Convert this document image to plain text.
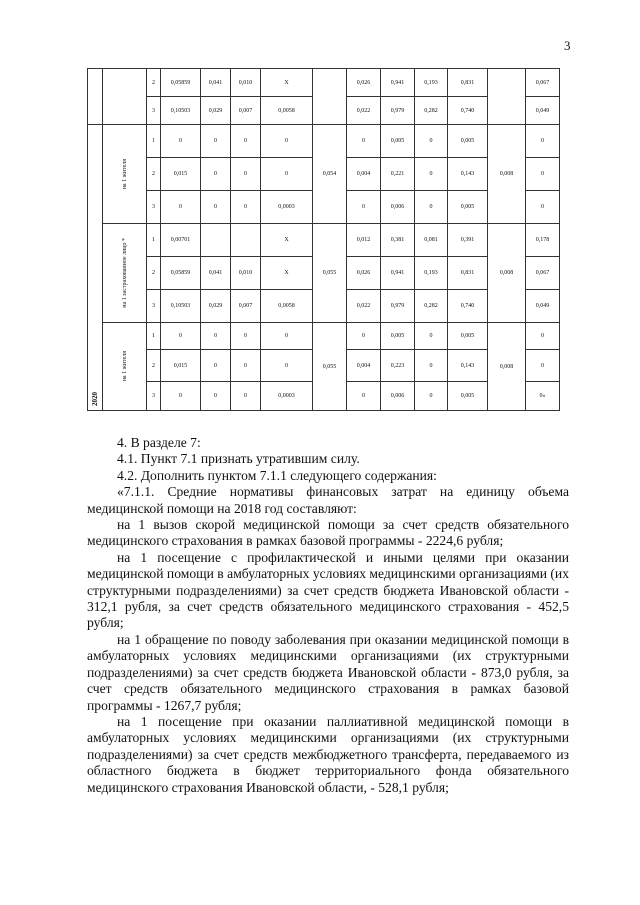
3
		2	0,05859	0,041	0,010	X		0,026	0,941	0,193	0,831		0,067
		3	0,10503	0,029	0,007	0,0058		0,022	0,979	0,282	0,740		0,049

2020	на 1 жителя	1	0	0	0	0	0,054	0	0,005	0	0,005	0,008	0
		2	0,015	0	0	0		0,004	0,221	0	0,143		0
		3	0	0	0	0,0003		0	0,006	0	0,005		0

	на 1 застрахованное лицо *	1	0,00701			X	0,055	0,012	0,381	0,081	0,391	0,008	0,178
		2	0,05859	0,041	0,010	X		0,026	0,941	0,193	0,831		0,067
		3	0,10503	0,029	0,007	0,0058		0,022	0,979	0,282	0,740		0,049

	на 1 жителя	1	0	0	0	0	0,055	0	0,005	0	0,005	0,008	0
		2	0,015	0	0	0		0,004	0,223	0	0,143		0
		3	0	0	0	0,0003		0	0,006	0	0,005		0»

4. В разделе 7:

4.1. Пункт 7.1 признать утратившим силу.

4.2. Дополнить пунктом 7.1.1 следующего содержания:

«7.1.1. Средние нормативы финансовых затрат на единицу объема медицинской помощи на 2018 год составляют:

на 1 вызов скорой медицинской помощи за счет средств обязательного медицинского страхования в рамках базовой программы - 2224,6 рубля;

на 1 посещение с профилактической и иными целями при оказании медицинской помощи в амбулаторных условиях медицинскими организациями (их структурными подразделениями) за счет средств бюджета Ивановской области - 312,1 рубля, за счет средств обязательного медицинского страхования - 452,5 рубля;

на 1 обращение по поводу заболевания при оказании медицинской помощи в амбулаторных условиях медицинскими организациями (их структурными подразделениями) за счет средств бюджета Ивановской области - 873,0 рубля, за счет средств обязательного медицинского страхования в рамках базовой программы - 1267,7 рубля;

на 1 посещение при оказании паллиативной медицинской помощи в амбулаторных условиях медицинскими организациями (их структурными подразделениями) за счет средств межбюджетного трансферта, передаваемого из областного бюджета в бюджет территориального фонда обязательного медицинского страхования Ивановской области, - 528,1 рубля;
